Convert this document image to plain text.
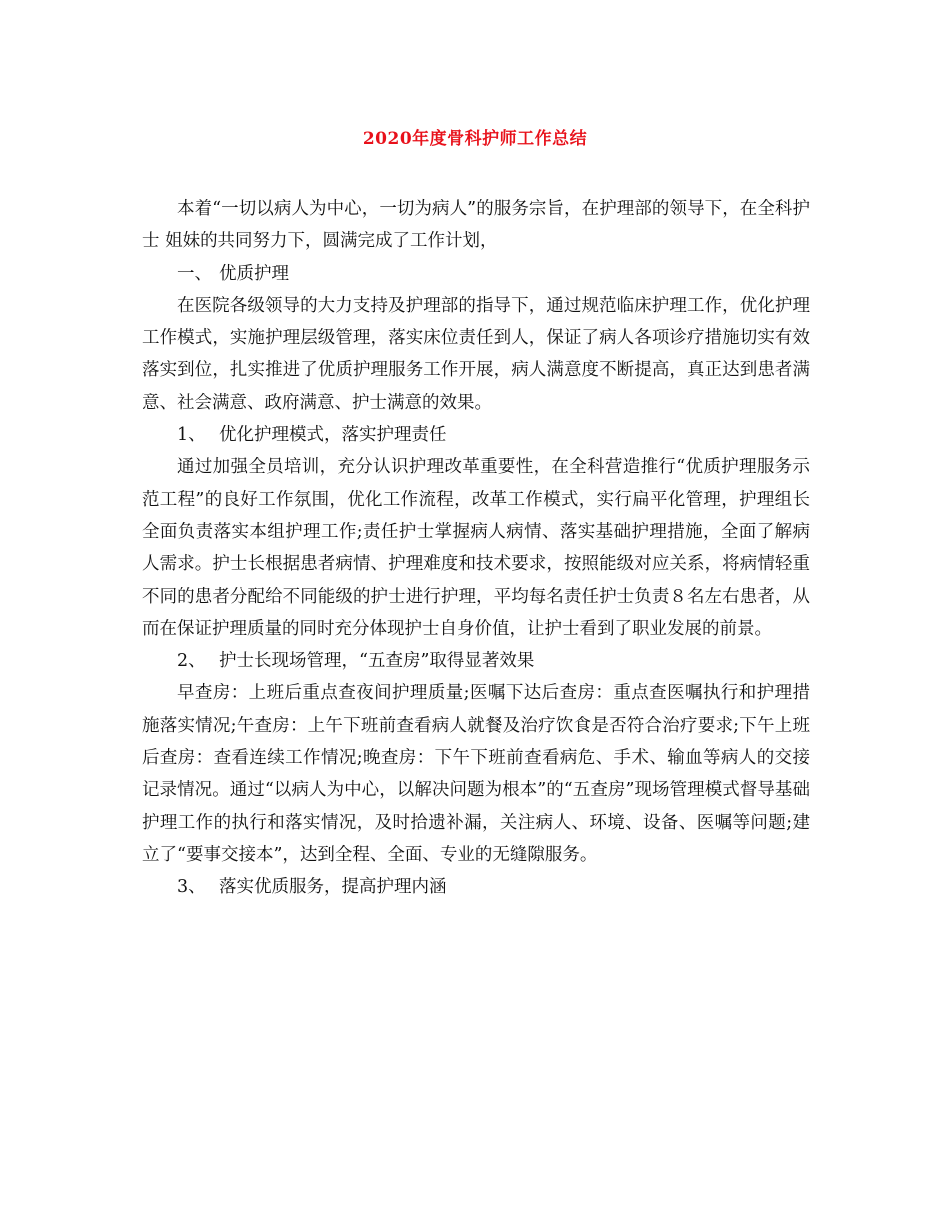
2020年度骨科护师工作总结

本着“一切以病人为中心，一切为病人”的服务宗旨，在护理部的领导下，在全科护士 姐妹的共同努力下，圆满完成了工作计划，

一、 优质护理

在医院各级领导的大力支持及护理部的指导下，通过规范临床护理工作，优化护理工作模式，实施护理层级管理，落实床位责任到人，保证了病人各项诊疗措施切实有效落实到位，扎实推进了优质护理服务工作开展，病人满意度不断提高，真正达到患者满意、社会满意、政府满意、护士满意的效果。

1、 优化护理模式，落实护理责任

通过加强全员培训，充分认识护理改革重要性，在全科营造推行“优质护理服务示范工程”的良好工作氛围，优化工作流程，改革工作模式，实行扁平化管理，护理组长全面负责落实本组护理工作;责任护士掌握病人病情、落实基础护理措施，全面了解病人需求。护士长根据患者病情、护理难度和技术要求，按照能级对应关系，将病情轻重不同的患者分配给不同能级的护士进行护理，平均每名责任护士负责８名左右患者，从而在保证护理质量的同时充分体现护士自身价值，让护士看到了职业发展的前景。

2、 护士长现场管理，“五查房”取得显著效果

早查房：上班后重点查夜间护理质量;医嘱下达后查房：重点查医嘱执行和护理措施落实情况;午查房：上午下班前查看病人就餐及治疗饮食是否符合治疗要求;下午上班后查房：查看连续工作情况;晚查房：下午下班前查看病危、手术、输血等病人的交接记录情况。通过“以病人为中心，以解决问题为根本”的“五查房”现场管理模式督导基础护理工作的执行和落实情况，及时拾遗补漏，关注病人、环境、设备、医嘱等问题;建立了“要事交接本”，达到全程、全面、专业的无缝隙服务。

3、 落实优质服务，提高护理内涵
